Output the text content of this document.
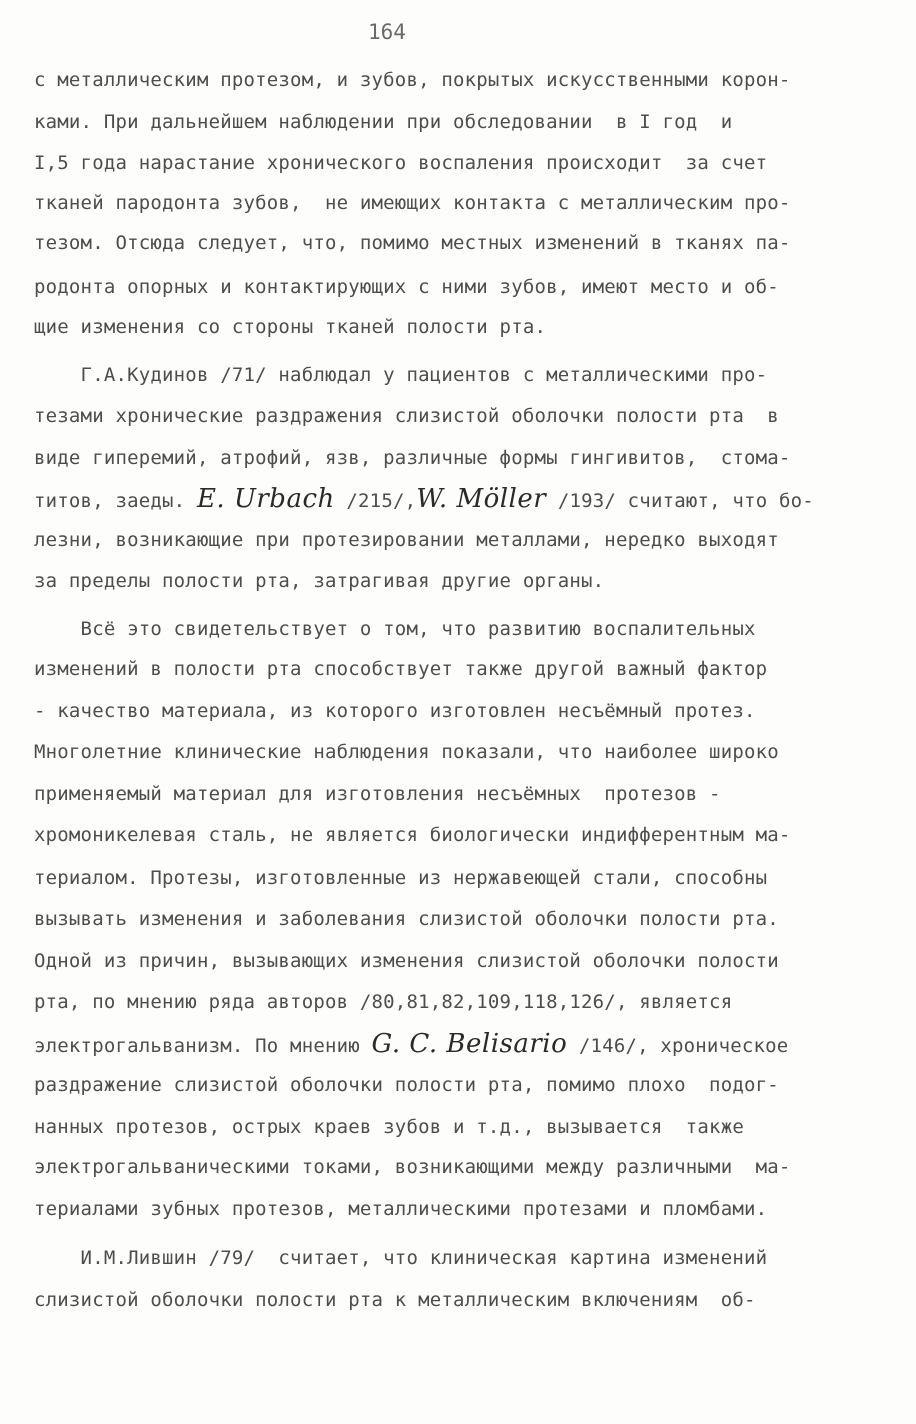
164
с металлическим протезом, и зубов, покрытых искусственными корон-
ками. При дальнейшем наблюдении при обследовании  в I год  и
I,5 года нарастание хронического воспаления происходит  за счет
тканей пародонта зубов,  не имеющих контакта с металлическим про-
тезом. Отсюда следует, что, помимо местных изменений в тканях па-
родонта опорных и контактирующих с ними зубов, имеют место и об-
щие изменения со стороны тканей полости рта.
Г.А.Кудинов /71/ наблюдал у пациентов с металлическими про-
тезами хронические раздражения слизистой оболочки полости рта  в
виде гиперемий, атрофий, язв, различные формы гингивитов,  стома-
титов, заеды. E. Urbach /215/,W. Möller /193/ считают, что бо-
лезни, возникающие при протезировании металлами, нередко выходят
за пределы полости рта, затрагивая другие органы.
Всё это свидетельствует о том, что развитию воспалительных
изменений в полости рта способствует также другой важный фактор
- качество материала, из которого изготовлен несъёмный протез.
Многолетние клинические наблюдения показали, что наиболее широко
применяемый материал для изготовления несъёмных  протезов -
хромоникелевая сталь, не является биологически индифферентным ма-
териалом. Протезы, изготовленные из нержавеющей стали, способны
вызывать изменения и заболевания слизистой оболочки полости рта.
Одной из причин, вызывающих изменения слизистой оболочки полости
рта, по мнению ряда авторов /80,81,82,109,118,126/, является
электрогальванизм. По мнению G. C. Belisario /146/, хроническое
раздражение слизистой оболочки полости рта, помимо плохо  подог-
нанных протезов, острых краев зубов и т.д., вызывается  также
электрогальваническими токами, возникающими между различными  ма-
териалами зубных протезов, металлическими протезами и пломбами.
И.М.Лившин /79/  считает, что клиническая картина изменений
слизистой оболочки полости рта к металлическим включениям  об-
